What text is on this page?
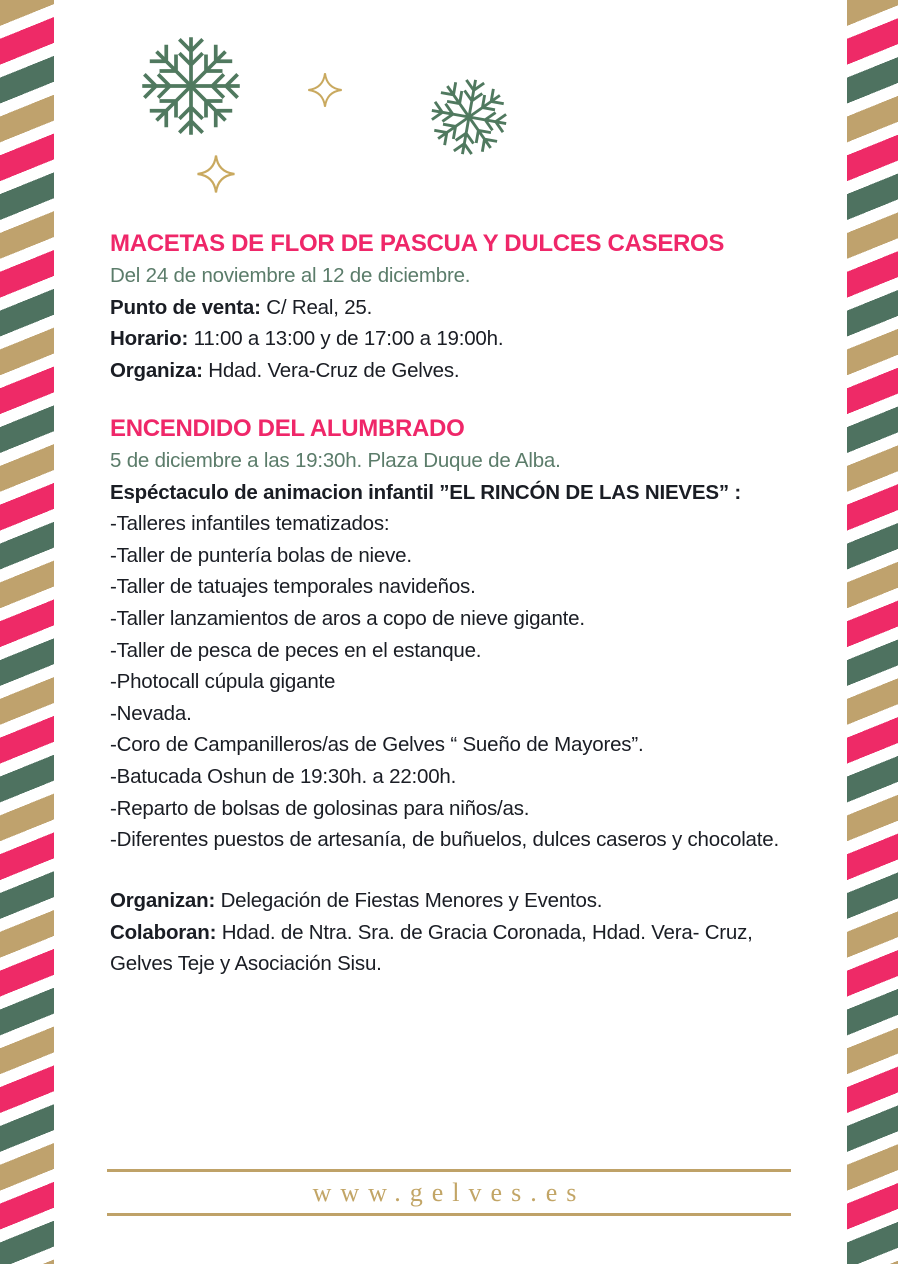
MACETAS DE FLOR DE PASCUA Y DULCES CASEROS
Del 24 de noviembre al 12 de diciembre.
Punto de venta: C/ Real, 25.
Horario: 11:00 a 13:00 y de 17:00 a 19:00h.
Organiza: Hdad. Vera-Cruz de Gelves.
ENCENDIDO DEL ALUMBRADO
5 de diciembre a las 19:30h. Plaza Duque de Alba.
Espéctaculo de animacion infantil ”EL RINCÓN DE LAS NIEVES” :
-Talleres infantiles tematizados:
-Taller de puntería bolas de nieve.
-Taller de tatuajes temporales navideños.
-Taller lanzamientos de aros a copo de nieve gigante.
-Taller de pesca de peces en el estanque.
-Photocall cúpula gigante
-Nevada.
-Coro de Campanilleros/as de Gelves “ Sueño de Mayores”.
-Batucada Oshun de 19:30h. a 22:00h.
-Reparto de bolsas de golosinas para niños/as.
-Diferentes puestos de artesanía, de buñuelos, dulces caseros y chocolate.
Organizan: Delegación de Fiestas Menores y Eventos.
Colaboran: Hdad. de Ntra. Sra. de Gracia Coronada, Hdad. Vera- Cruz, Gelves Teje y Asociación Sisu.
www.gelves.es
